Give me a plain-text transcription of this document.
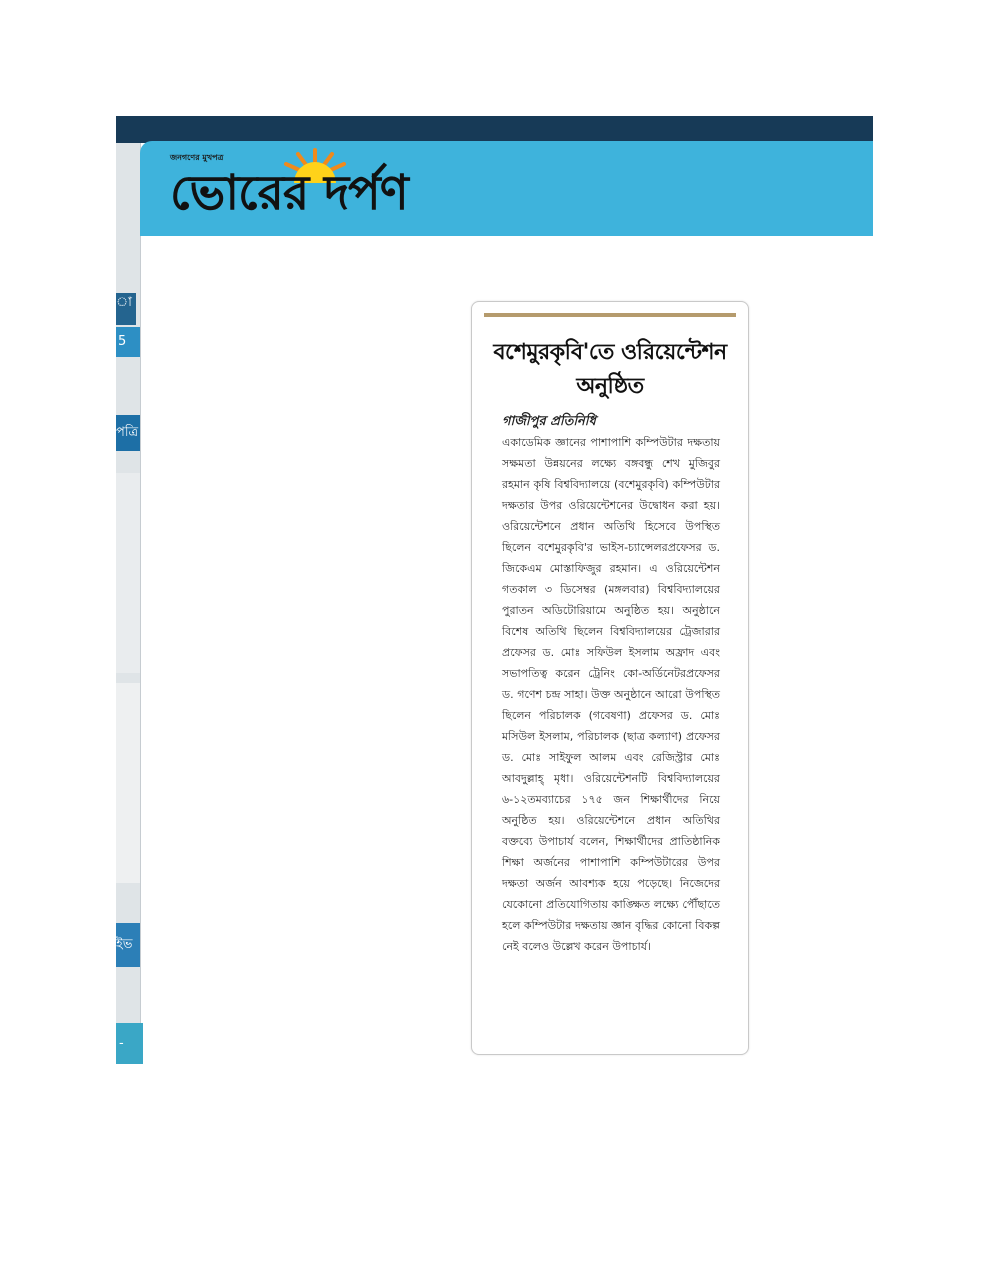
া
5
পত্রি
ইভ
-
জনগণের মুখপত্র
ভোরের দর্পণ
বশেমুরকৃবি'তে ওরিয়েন্টেশন অনুষ্ঠিত
গাজীপুর প্রতিনিধি
একাডেমিক জ্ঞানের পাশাপাশি কম্পিউটার দক্ষতায় সক্ষমতা উন্নয়নের লক্ষ্যে বঙ্গবন্ধু শেখ মুজিবুর রহমান কৃষি বিশ্ববিদ্যালয়ে (বশেমুরকৃবি) কম্পিউটার দক্ষতার উপর ওরিয়েন্টেশনের উদ্বোধন করা হয়। ওরিয়েন্টেশনে প্রধান অতিথি হিসেবে উপস্থিত ছিলেন বশেমুরকৃবি'র ভাইস-চ্যান্সেলরপ্রফেসর ড. জিকেএম মোস্তাফিজুর রহমান। এ ওরিয়েন্টেশন গতকাল ৩ ডিসেম্বর (মঙ্গলবার) বিশ্ববিদ্যালয়ের পুরাতন অডিটোরিয়ামে অনুষ্ঠিত হয়। অনুষ্ঠানে বিশেষ অতিথি ছিলেন বিশ্ববিদ্যালয়ের ট্রেজারার প্রফেসর ড. মোঃ সফিউল ইসলাম অফ্রাদ এবং সভাপতিত্ব করেন ট্রেনিং কো-অর্ডিনেটরপ্রফেসর ড. গণেশ চন্দ্র সাহা। উক্ত অনুষ্ঠানে আরো উপস্থিত ছিলেন পরিচালক (গবেষণা) প্রফেসর ড. মোঃ মসিউল ইসলাম, পরিচালক (ছাত্র কল্যাণ) প্রফেসর ড. মোঃ সাইফুল আলম এবং রেজিস্ট্রার মোঃ আবদুল্লাহ্ মৃধা। ওরিয়েন্টেশনটি বিশ্ববিদ্যালয়ের ৬-১২তমব্যাচের ১৭৫ জন শিক্ষার্থীদের নিয়ে অনুষ্ঠিত হয়। ওরিয়েন্টেশনে প্রধান অতিথির বক্তব্যে উপাচার্য বলেন, শিক্ষার্থীদের প্রাতিষ্ঠানিক শিক্ষা অর্জনের পাশাপাশি কম্পিউটারের উপর দক্ষতা অর্জন আবশ্যক হয়ে পড়েছে। নিজেদের যেকোনো প্রতিযোগিতায় কাঙ্ক্ষিত লক্ষ্যে পৌঁছাতে হলে কম্পিউটার দক্ষতায় জ্ঞান বৃদ্ধির কোনো বিকল্প নেই বলেও উল্লেখ করেন উপাচার্য।
